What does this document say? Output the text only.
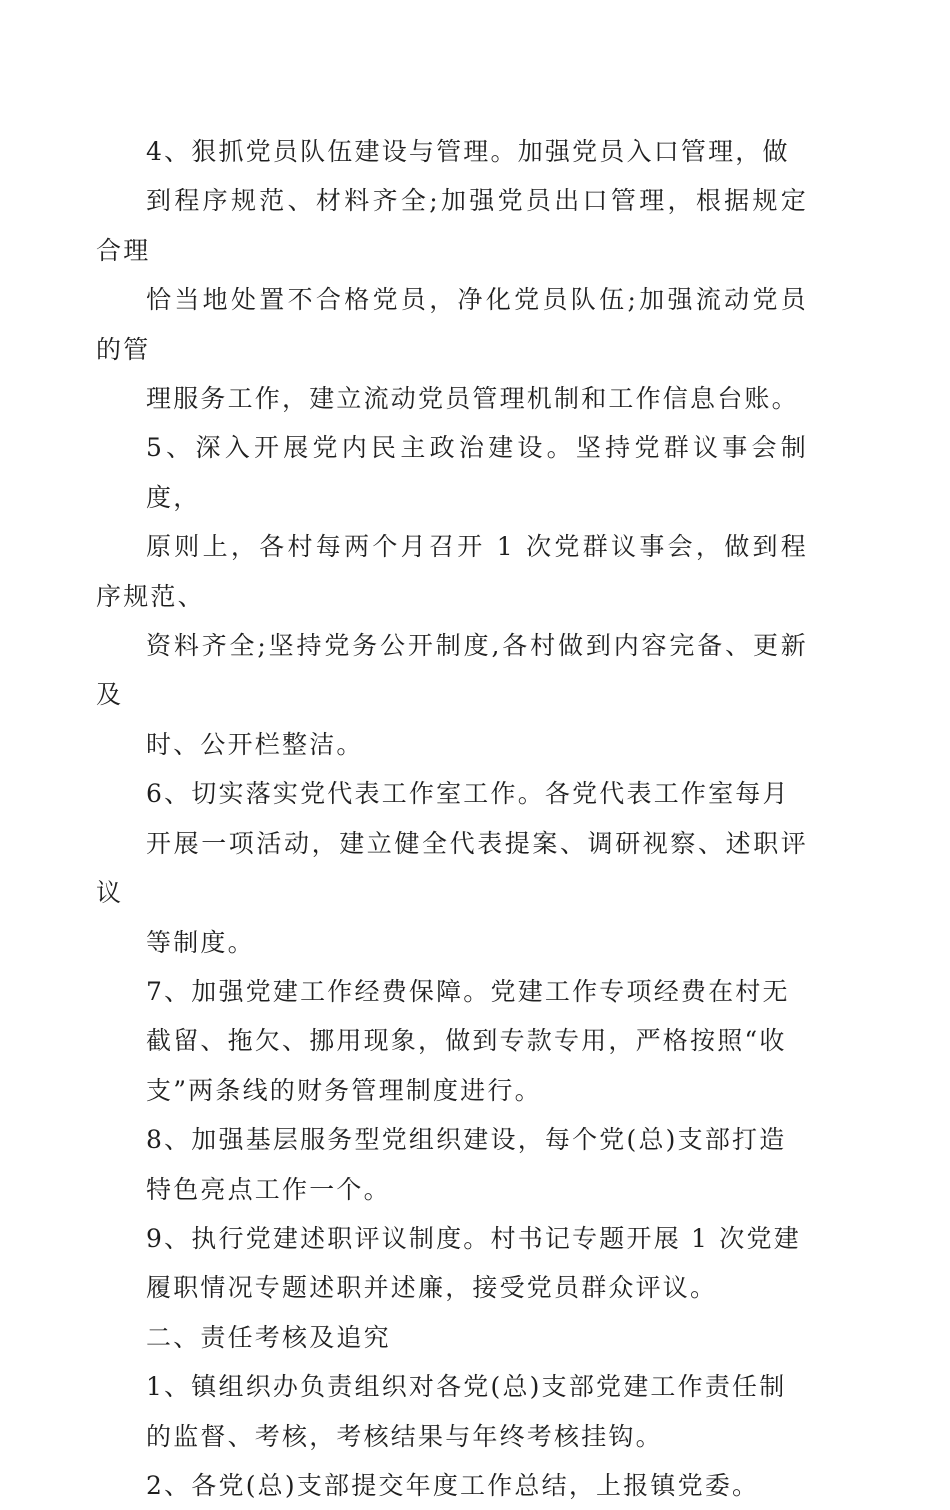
4、狠抓党员队伍建设与管理。加强党员入口管理，做
到程序规范、材料齐全;加强党员出口管理，根据规定合理
恰当地处置不合格党员，净化党员队伍;加强流动党员的管
理服务工作，建立流动党员管理机制和工作信息台账。

5、深入开展党内民主政治建设。坚持党群议事会制度，
原则上，各村每两个月召开 1 次党群议事会，做到程序规范、
资料齐全;坚持党务公开制度,各村做到内容完备、更新及
时、公开栏整洁。

6、切实落实党代表工作室工作。各党代表工作室每月
开展一项活动，建立健全代表提案、调研视察、述职评议
等制度。

7、加强党建工作经费保障。党建工作专项经费在村无
截留、拖欠、挪用现象，做到专款专用，严格按照“收
支”两条线的财务管理制度进行。

8、加强基层服务型党组织建设，每个党(总)支部打造
特色亮点工作一个。

9、执行党建述职评议制度。村书记专题开展 1 次党建
履职情况专题述职并述廉，接受党员群众评议。

二、责任考核及追究

1、镇组织办负责组织对各党(总)支部党建工作责任制
的监督、考核，考核结果与年终考核挂钩。

2、各党(总)支部提交年度工作总结，上报镇党委。
